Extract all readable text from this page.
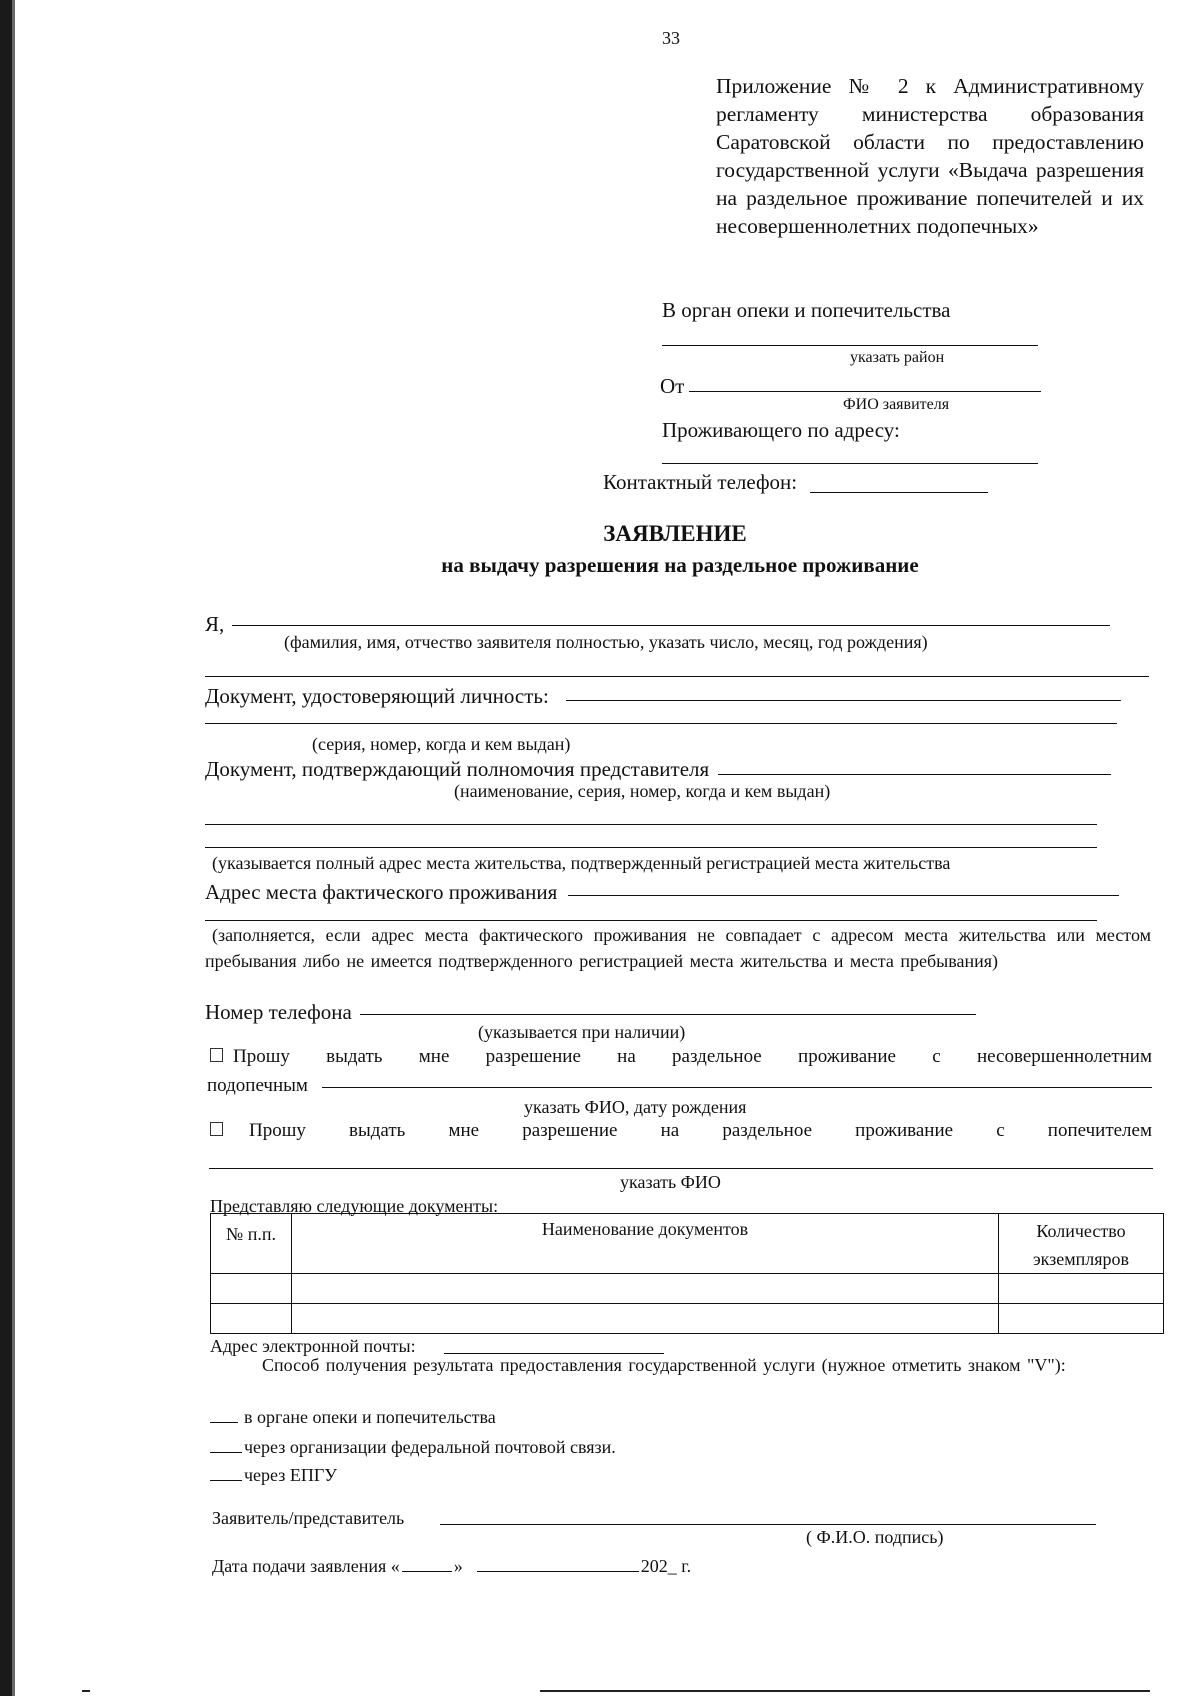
33
Приложение № 2 к Административному регламенту министерства образования Саратовской области по предоставлению государственной услуги «Выдача разрешения на раздельное проживание попечителей и их несовершеннолетних подопечных»
В орган опеки и попечительства
указать район
От
ФИО заявителя
Проживающего по адресу:
Контактный телефон:
ЗАЯВЛЕНИЕ
на выдачу разрешения на раздельное проживание
Я,
(фамилия, имя, отчество заявителя полностью, указать число, месяц, год рождения)
Документ, удостоверяющий личность:
(серия, номер, когда и кем выдан)
Документ, подтверждающий полномочия представителя
(наименование, серия, номер, когда и кем выдан)
(указывается полный адрес места жительства, подтвержденный регистрацией места жительства
Адрес места фактического проживания
(заполняется, если адрес места фактического проживания не совпадает с адресом места жительства или местом пребывания либо не имеется подтвержденного регистрацией места жительства и места пребывания)
Номер телефона
(указывается при наличии)
Прошу выдать мне разрешение на раздельное проживание с несовершеннолетним
подопечным
указать ФИО, дату рождения
Прошу выдать мне разрешение на раздельное проживание с попечителем
указать ФИО
Представляю следующие документы:
№ п.п.	Наименование документов	Количество экземпляров

Адрес электронной почты:
Способ получения результата предоставления государственной услуги (нужное отметить знаком "V"):
в органе опеки и попечительства
через организации федеральной почтовой связи.
через ЕПГУ
Заявитель/представитель
( Ф.И.О. подпись)
Дата подачи заявления «	»	202_ г.
